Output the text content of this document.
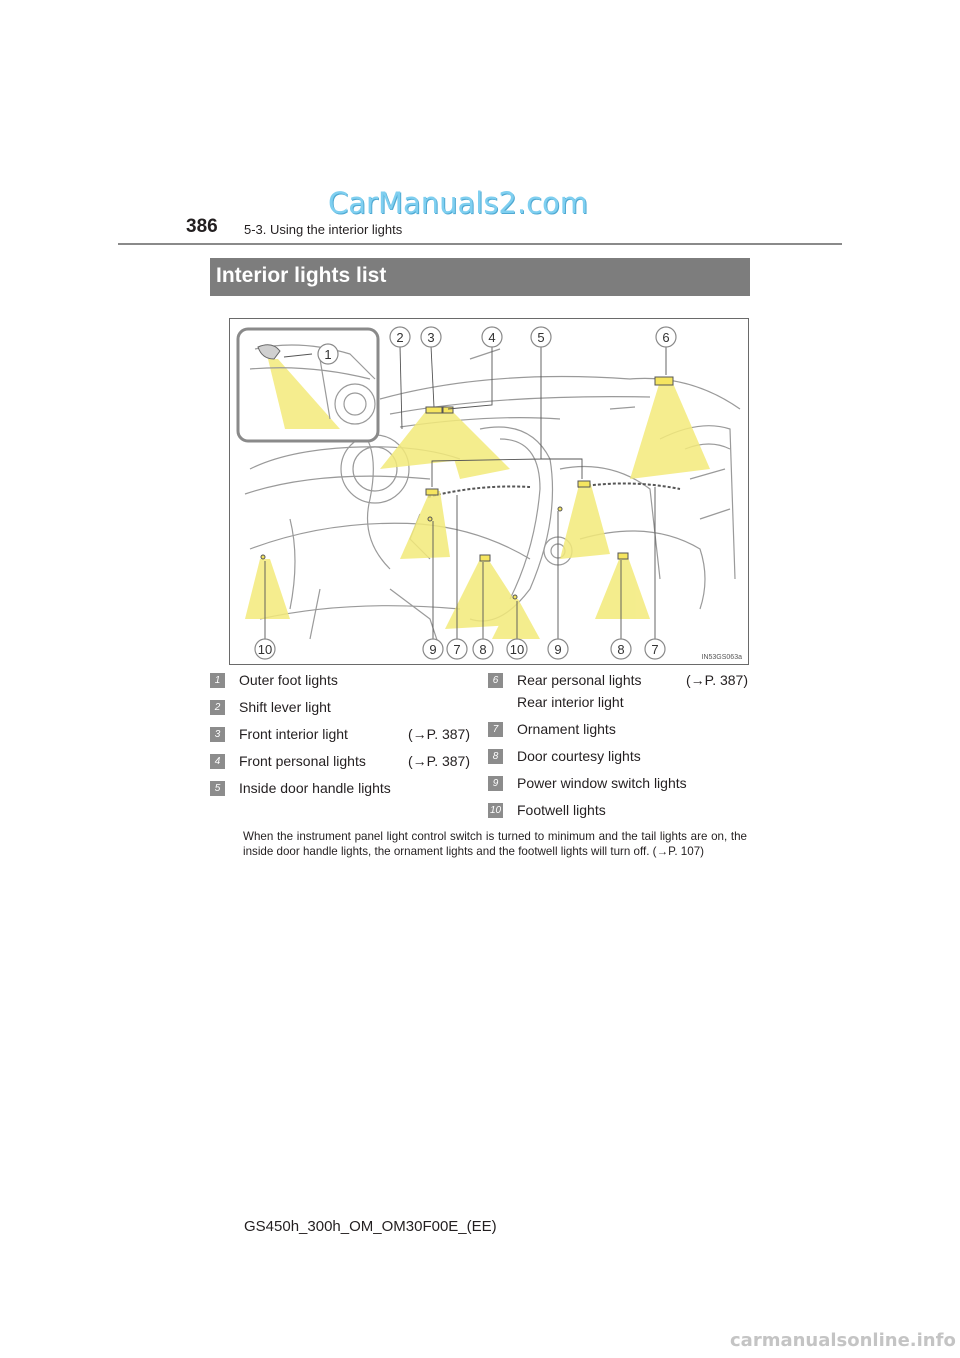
CarManuals2.com
386 5-3. Using the interior lights
Interior lights list
1
2 3	4	5	6
10	9 7 8 10 9	8 7
IN53GS063a
1	Outer foot lights
2	Shift lever light
3	Front interior light	(→P. 387)
4	Front personal lights	(→P. 387)
5	Inside door handle lights
6	Rear personal lights	(→P. 387)
Rear interior light
7	Ornament lights
8	Door courtesy lights
9	Power window switch lights
10 Footwell lights
When the instrument panel light control switch is turned to minimum and the tail lights are on, the inside door handle lights, the ornament lights and the footwell lights will turn off. (→P. 107)
GS450h_300h_OM_OM30F00E_(EE)
carmanualsonline.info
